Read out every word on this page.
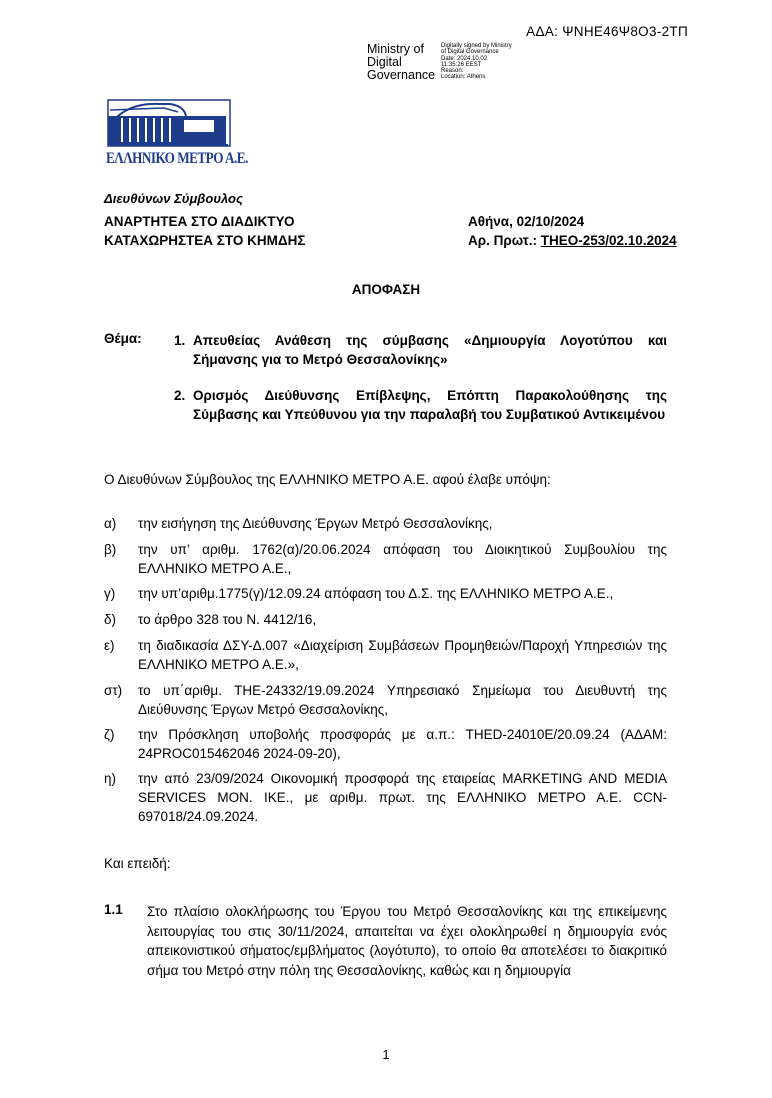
ΑΔΑ: ΨΝΗΕ46Ψ8Ο3-2ΤΠ
Ministry of
Digital
Governance
Digitally signed by Ministry
of Digital Governance
Date: 2024.10.02
11:35:26 EEST
Reason:
Location: Athens
ΕΛΛΗΝΙΚΟ ΜΕΤΡΟ Α.Ε.
Διευθύνων Σύμβουλος
ΑΝΑΡΤΗΤΕΑ ΣΤΟ ΔΙΑΔΙΚΤΥΟ
ΚΑΤΑΧΩΡΗΣΤΕΑ ΣΤΟ ΚΗΜΔΗΣ
Αθήνα, 02/10/2024
Αρ. Πρωτ.: ΤΗΕΟ-253/02.10.2024
ΑΠΟΦΑΣΗ
Θέμα: 1. Απευθείας Ανάθεση της σύμβασης «Δημιουργία Λογοτύπου και Σήμανσης για το Μετρό Θεσσαλονίκης»
2. Ορισμός Διεύθυνσης Επίβλεψης, Επόπτη Παρακολούθησης της Σύμβασης και Υπεύθυνου για την παραλαβή του Συμβατικού Αντικειμένου
Ο Διευθύνων Σύμβουλος της ΕΛΛΗΝΙΚΟ ΜΕΤΡΟ Α.Ε. αφού έλαβε υπόψη:
α) την εισήγηση της Διεύθυνσης Έργων Μετρό Θεσσαλονίκης,
β) την υπ’ αριθμ. 1762(α)/20.06.2024 απόφαση του Διοικητικού Συμβουλίου της ΕΛΛΗΝΙΚΟ ΜΕΤΡΟ Α.Ε.,
γ) την υπ’αριθμ.1775(γ)/12.09.24 απόφαση του Δ.Σ. της ΕΛΛΗΝΙΚΟ ΜΕΤΡΟ Α.Ε.,
δ) το άρθρο 328 του Ν. 4412/16,
ε) τη διαδικασία ΔΣΥ-Δ.007 «Διαχείριση Συμβάσεων Προμηθειών/Παροχή Υπηρεσιών της ΕΛΛΗΝΙΚΟ ΜΕΤΡΟ Α.Ε.»,
στ) το υπ΄αριθμ. ΤΗΕ-24332/19.09.2024 Υπηρεσιακό Σημείωμα του Διευθυντή της Διεύθυνσης Έργων Μετρό Θεσσαλονίκης,
ζ) την Πρόσκληση υποβολής προσφοράς με α.π.: THED-24010E/20.09.24 (ΑΔΑΜ: 24PROC015462046 2024-09-20),
η) την από 23/09/2024 Οικονομική προσφορά της εταιρείας MARKETING AND MEDIA SERVICES MON. IKE., με αριθμ. πρωτ. της ΕΛΛΗΝΙΚΟ ΜΕΤΡΟ Α.Ε. CCN-697018/24.09.2024.
Και επειδή:
1.1 Στο πλαίσιο ολοκλήρωσης του Έργου του Μετρό Θεσσαλονίκης και της επικείμενης λειτουργίας του στις 30/11/2024, απαιτείται να έχει ολοκληρωθεί η δημιουργία ενός απεικονιστικού σήματος/εμβλήματος (λογότυπο), το οποίο θα αποτελέσει το διακριτικό σήμα του Μετρό στην πόλη της Θεσσαλονίκης, καθώς και η δημιουργία
1
